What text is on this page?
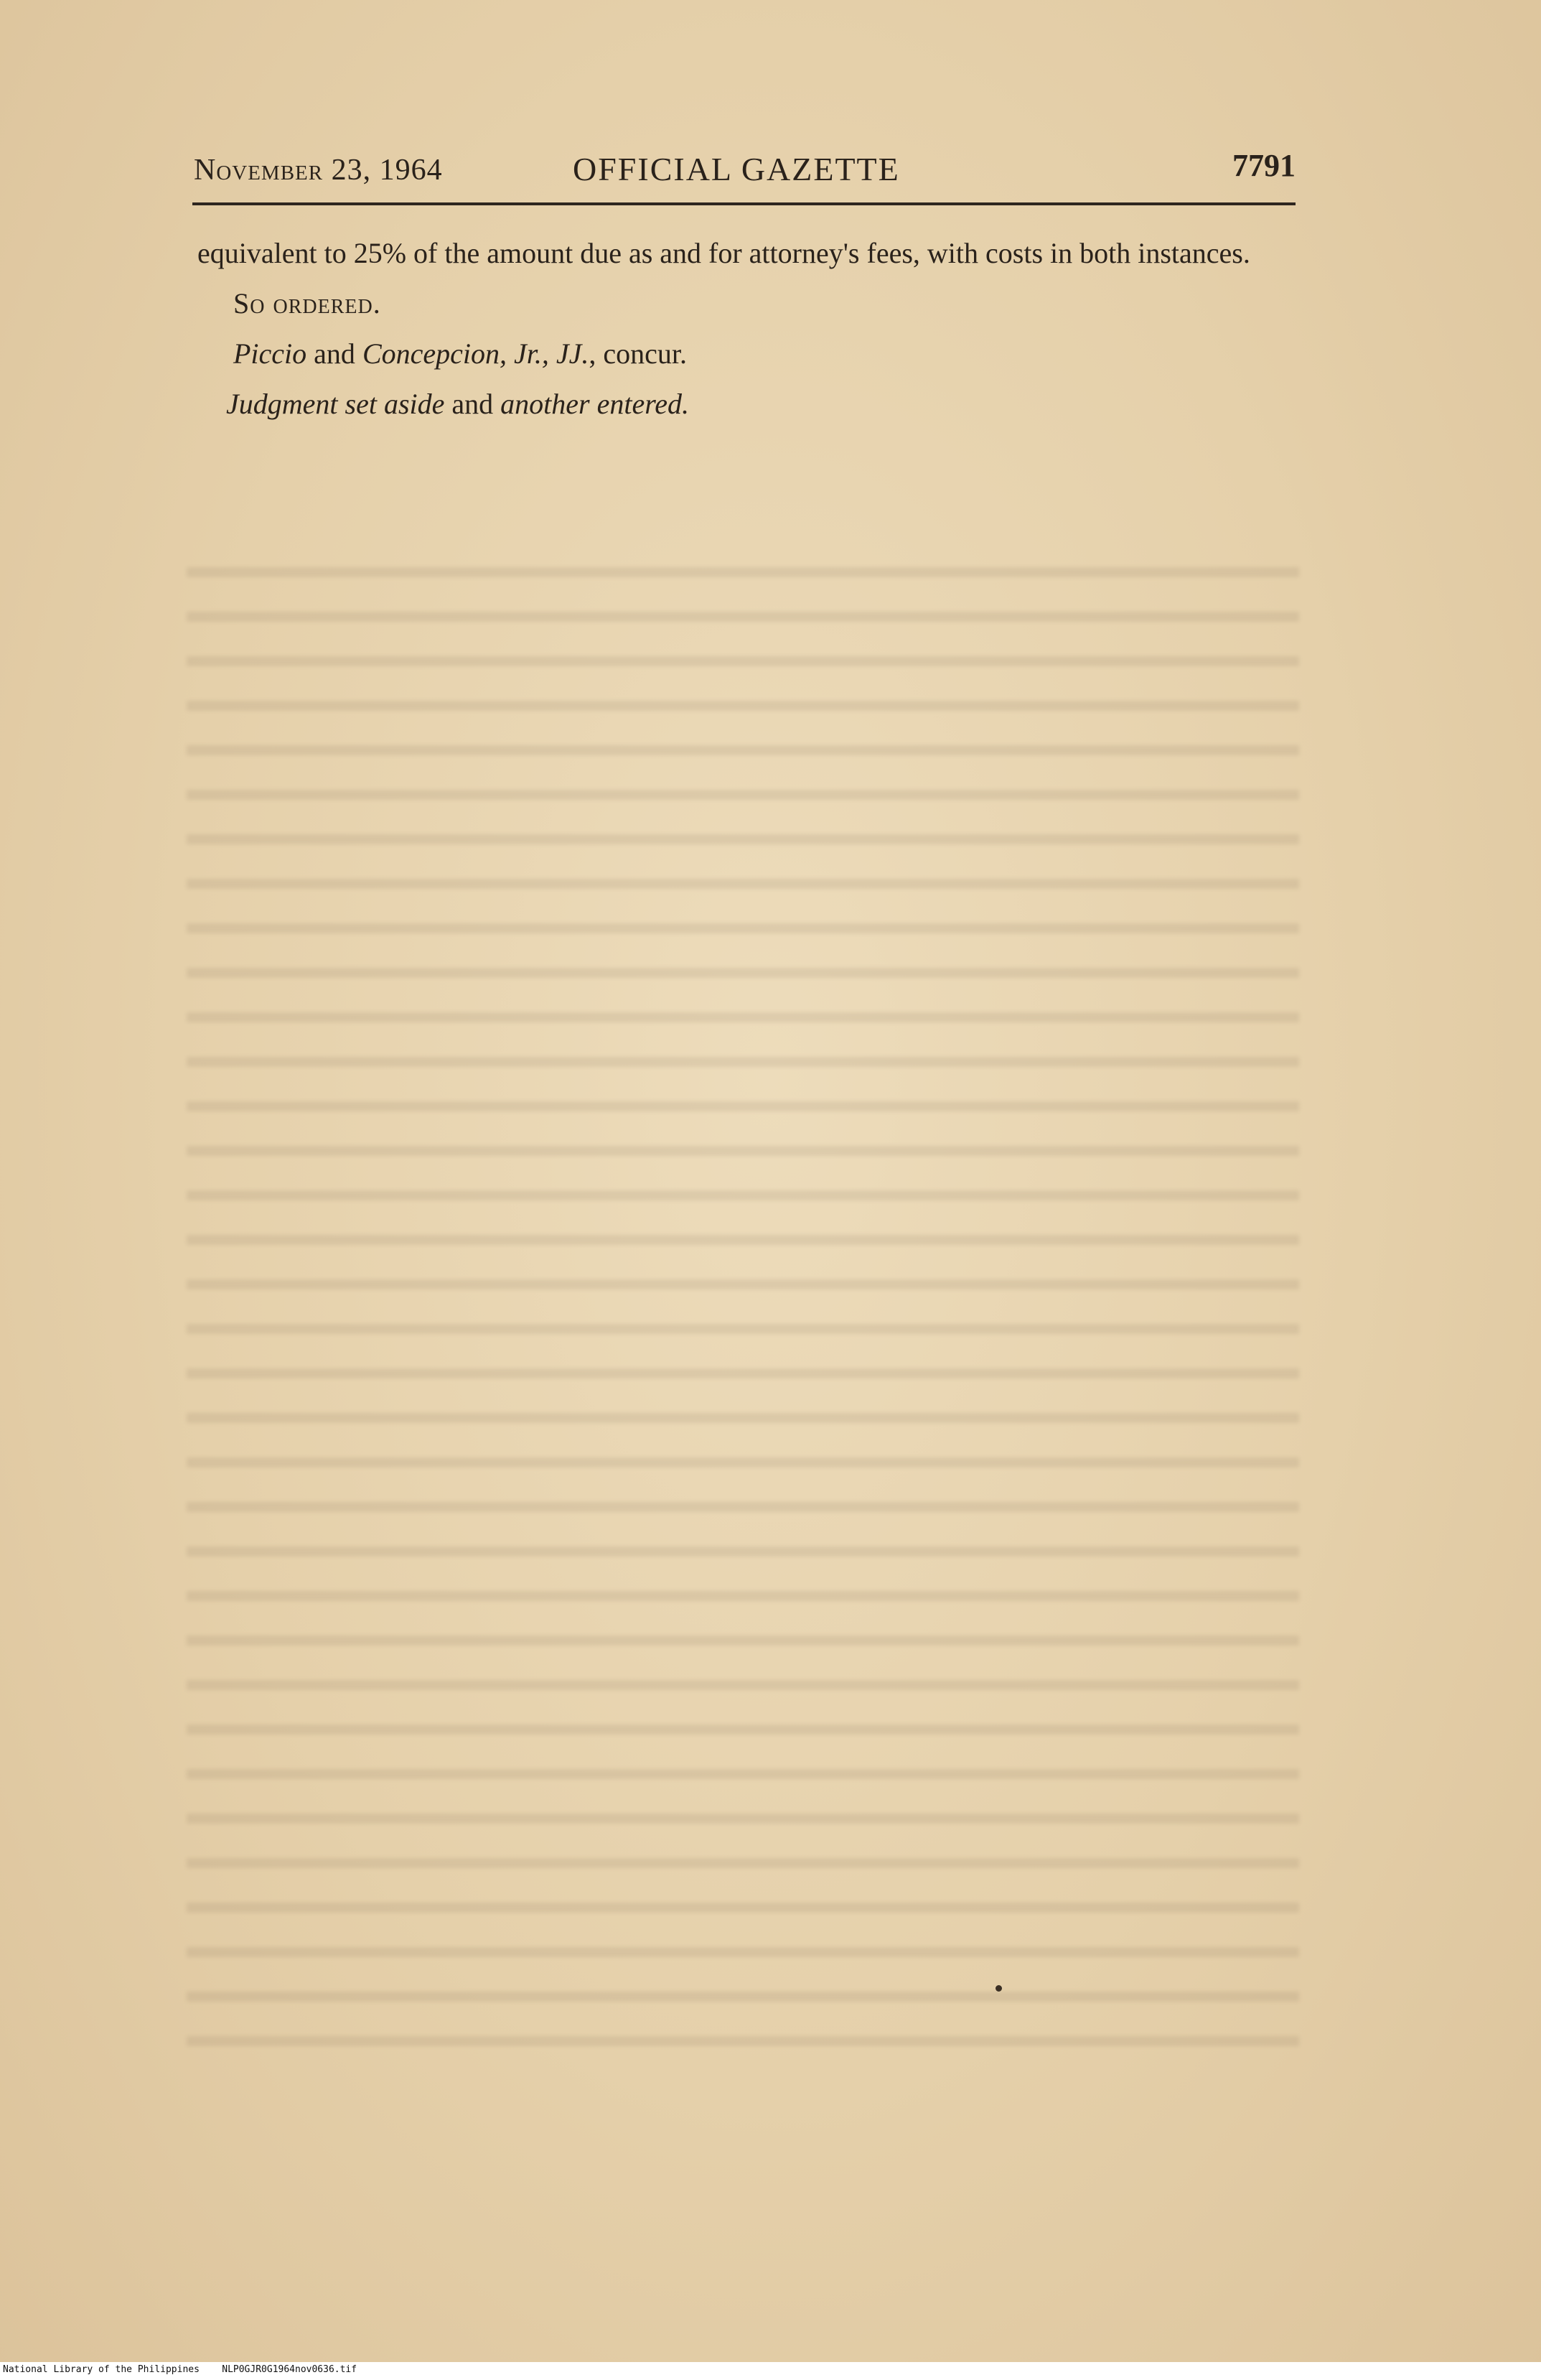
November 23, 1964	OFFICIAL GAZETTE	7791

equivalent to 25% of the amount due as and for attorney's fees, with costs in both instances.

So ordered.

Piccio and Concepcion, Jr., JJ., concur.

Judgment set aside and another entered.

National Library of the Philippines NLP0GJR0G1964nov0636.tif
